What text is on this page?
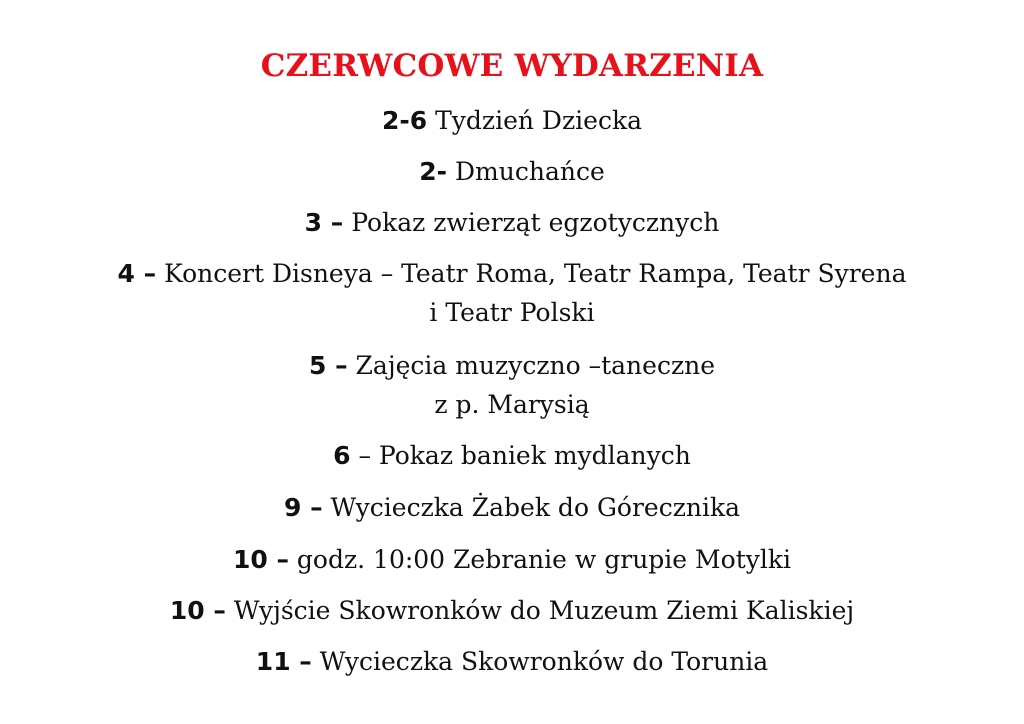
CZERWCOWE WYDARZENIA
2-6 Tydzień Dziecka
2- Dmuchańce
3 – Pokaz zwierząt egzotycznych
4 – Koncert Disneya – Teatr Roma, Teatr Rampa, Teatr Syrena
i Teatr Polski
5 – Zajęcia muzyczno –taneczne
z p. Marysią
6 – Pokaz baniek mydlanych
9 – Wycieczka Żabek do Górecznika
10 – godz. 10:00 Zebranie w grupie Motylki
10 – Wyjście Skowronków do Muzeum Ziemi Kaliskiej
11 – Wycieczka Skowronków do Torunia
